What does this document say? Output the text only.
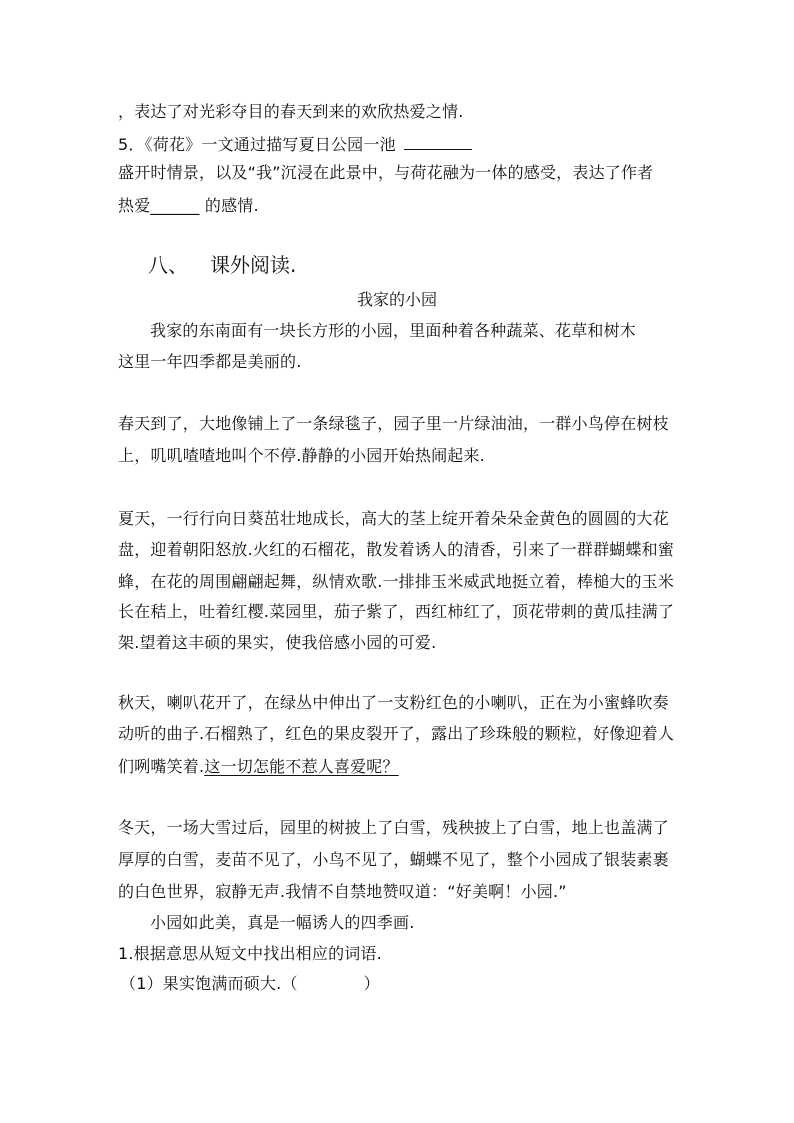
，表达了对光彩夺目的春天到来的欢欣热爱之情.
5．《荷花》一文通过描写夏日公园一池
盛开时情景，以及“我”沉浸在此景中，与荷花融为一体的感受，表达了作者
热爱______ 的感情.
八、 课外阅读.
我家的小园
我家的东南面有一块长方形的小园，里面种着各种蔬菜、花草和树木
这里一年四季都是美丽的.
春天到了，大地像铺上了一条绿毯子，园子里一片绿油油，一群小鸟停在树枝
上，叽叽喳喳地叫个不停.静静的小园开始热闹起来.
夏天，一行行向日葵茁壮地成长，高大的茎上绽开着朵朵金黄色的圆圆的大花
盘，迎着朝阳怒放.火红的石榴花，散发着诱人的清香，引来了一群群蝴蝶和蜜
蜂，在花的周围翩翩起舞，纵情欢歌.一排排玉米威武地挺立着，棒槌大的玉米
长在秸上，吐着红樱.菜园里，茄子紫了，西红柿红了，顶花带刺的黄瓜挂满了
架.望着这丰硕的果实，使我倍感小园的可爱.
秋天，喇叭花开了，在绿丛中伸出了一支粉红色的小喇叭，正在为小蜜蜂吹奏
动听的曲子.石榴熟了，红色的果皮裂开了，露出了珍珠般的颗粒，好像迎着人
们咧嘴笑着.这一切怎能不惹人喜爱呢？
冬天，一场大雪过后，园里的树披上了白雪，残秧披上了白雪，地上也盖满了
厚厚的白雪，麦苗不见了，小鸟不见了，蝴蝶不见了，整个小园成了银装素裹
的白色世界，寂静无声.我情不自禁地赞叹道：“好美啊！小园.”
小园如此美，真是一幅诱人的四季画.
1.根据意思从短文中找出相应的词语.
（1）果实饱满而硕大.（	）
